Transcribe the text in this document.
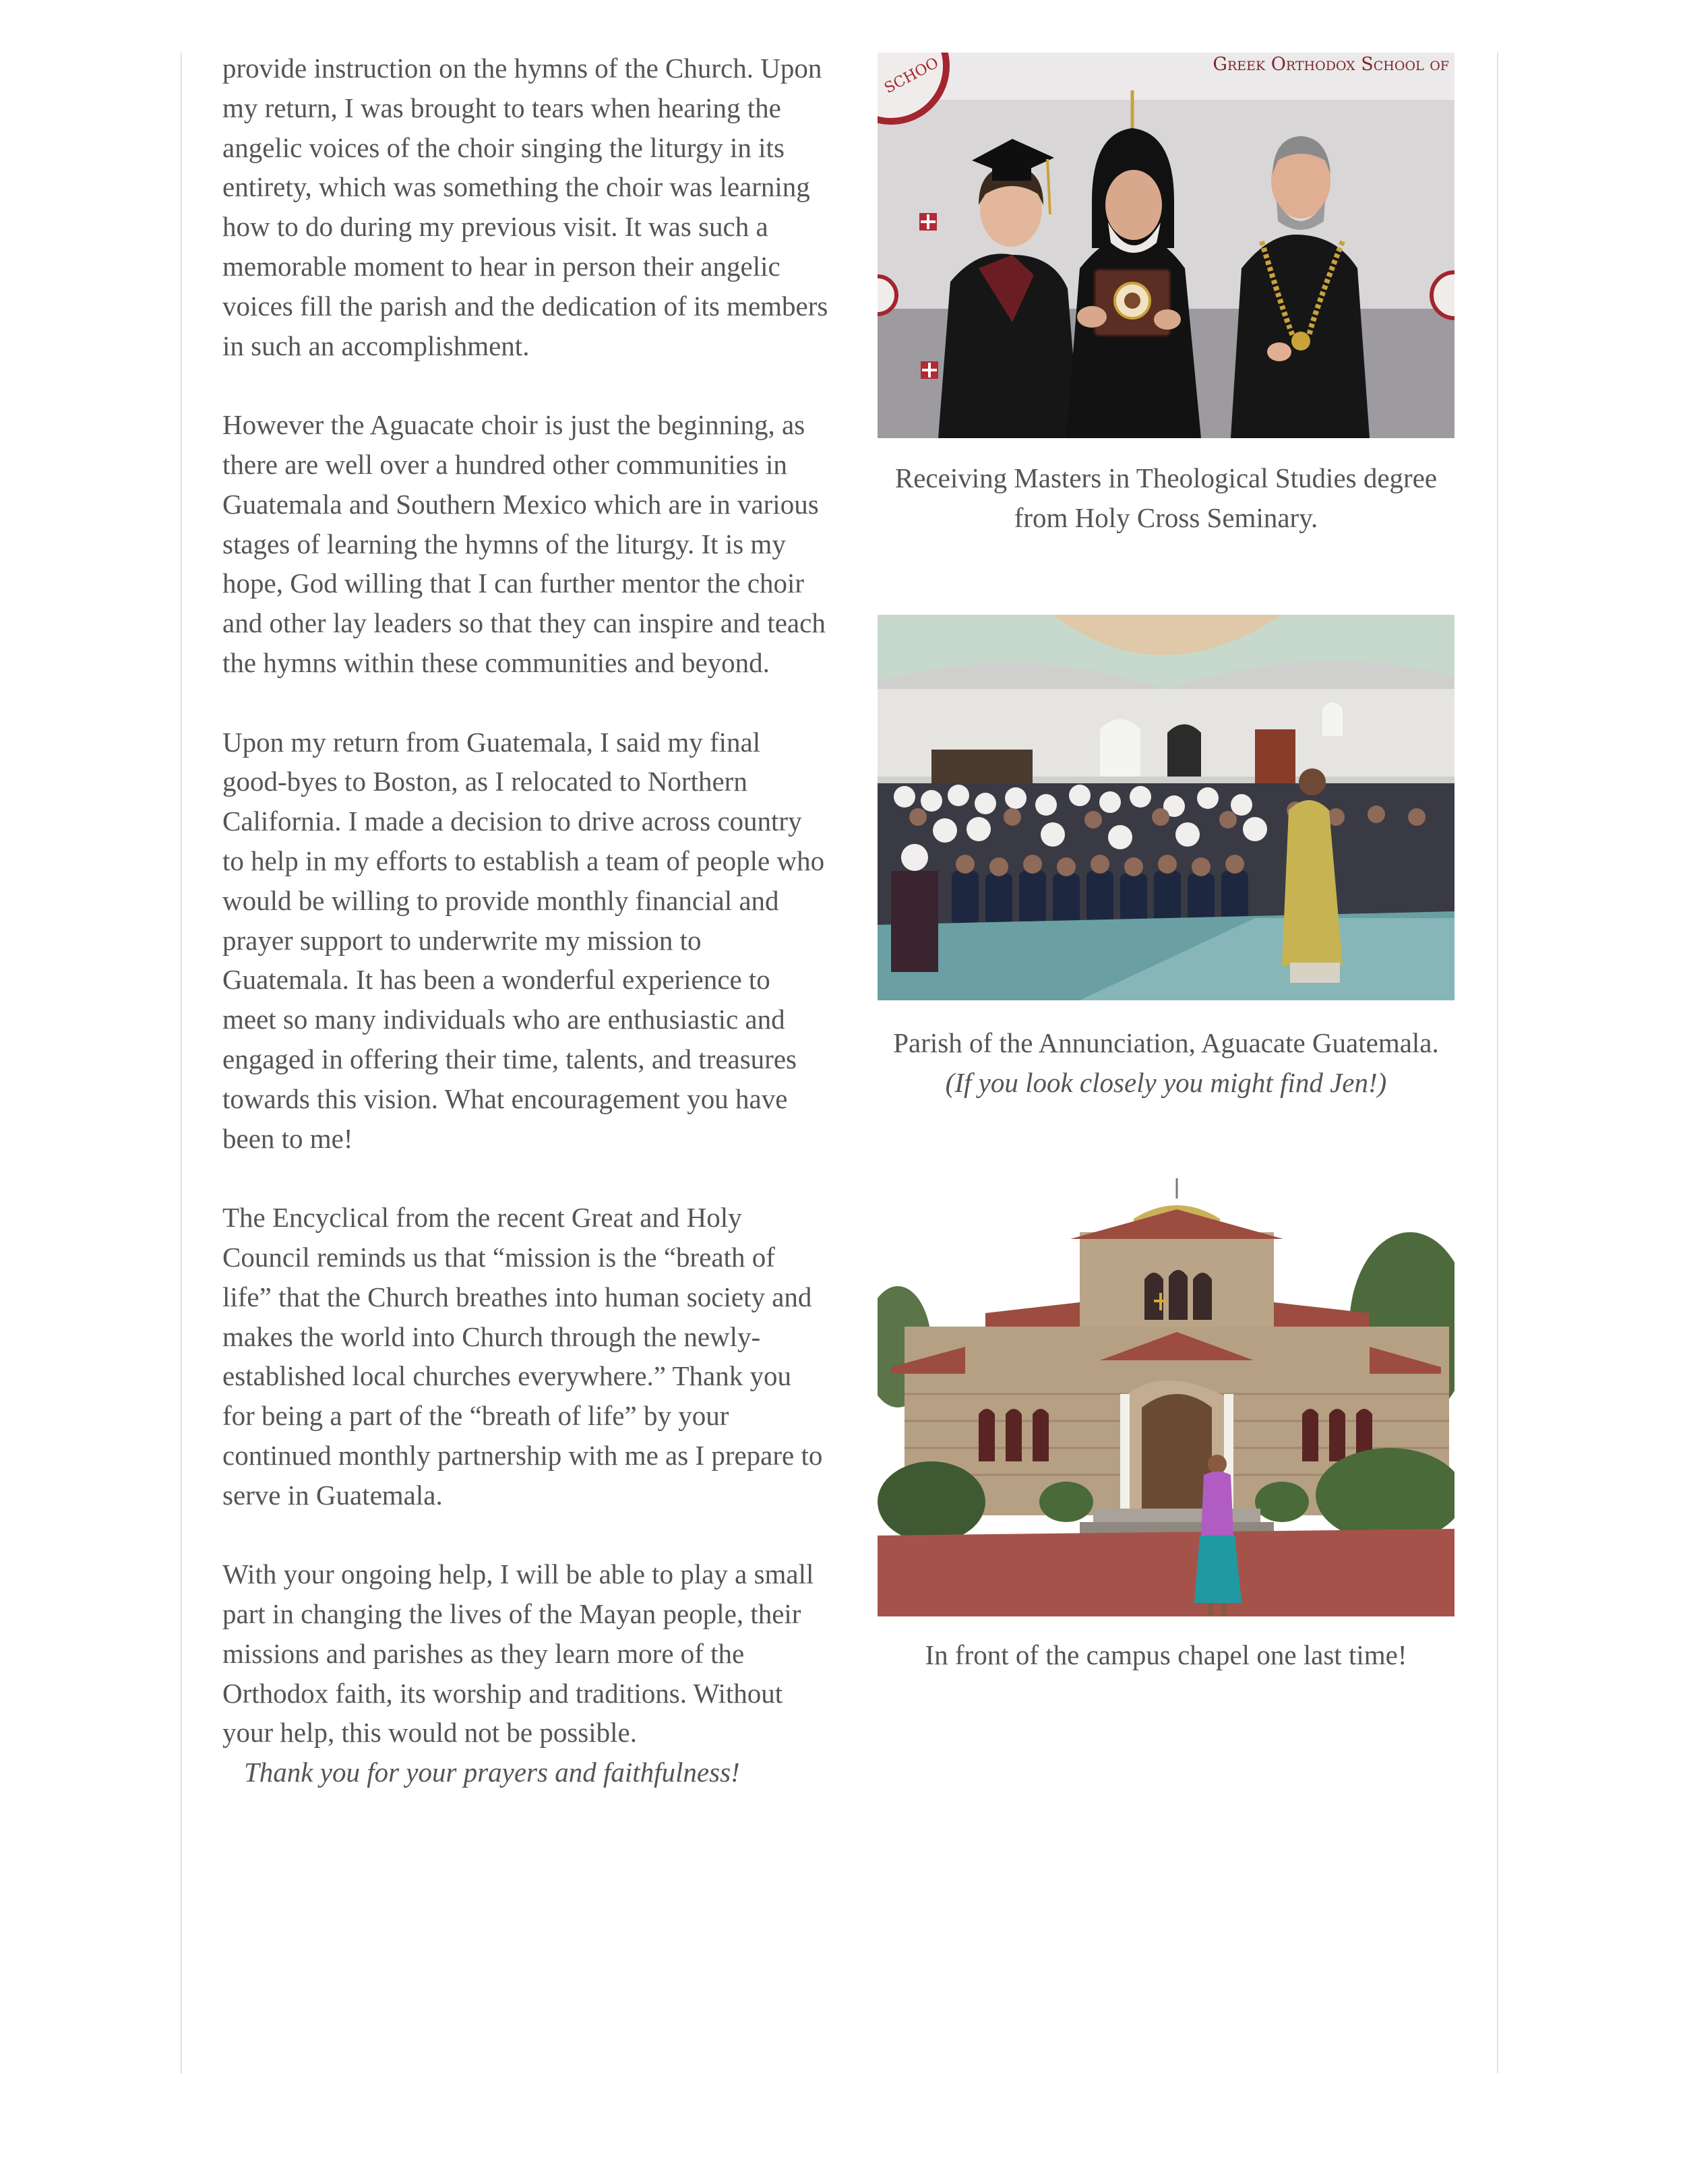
provide instruction on the hymns of the Church. Upon my return, I was brought to tears when hearing the angelic voices of the choir singing the liturgy in its entirety, which was something the choir was learning how to do during my previous visit. It was such a memorable moment to hear in person their angelic voices fill the parish and the dedication of its members in such an accomplishment.

However the Aguacate choir is just the beginning, as there are well over a hundred other communities in Guatemala and Southern Mexico which are in various stages of learning the hymns of the liturgy. It is my hope, God willing that I can further mentor the choir and other lay leaders so that they can inspire and teach the hymns within these communities and beyond.

Upon my return from Guatemala, I said my final good-byes to Boston, as I relocated to Northern California. I made a decision to drive across country to help in my efforts to establish a team of people who would be willing to provide monthly financial and prayer support to underwrite my mission to Guatemala. It has been a wonderful experience to meet so many individuals who are enthusiastic and engaged in offering their time, talents, and treasures towards this vision. What encouragement you have been to me!

The Encyclical from the recent Great and Holy Council reminds us that “mission is the “breath of life” that the Church breathes into human society and makes the world into Church through the newly-established local churches everywhere.” Thank you for being a part of the “breath of life” by your continued monthly partnership with me as I prepare to serve in Guatemala.

With your ongoing help, I will be able to play a small part in changing the lives of the Mayan people, their missions and parishes as they learn more of the Orthodox faith, its worship and traditions. Without your help, this would not be possible.

Thank you for your prayers and faithfulness!
SCHOO	Greek Orthodox School of
Receiving Masters in Theological Studies degree from Holy Cross Seminary.
Parish of the Annunciation, Aguacate Guatemala.
(If you look closely you might find Jen!)
In front of the campus chapel one last time!
